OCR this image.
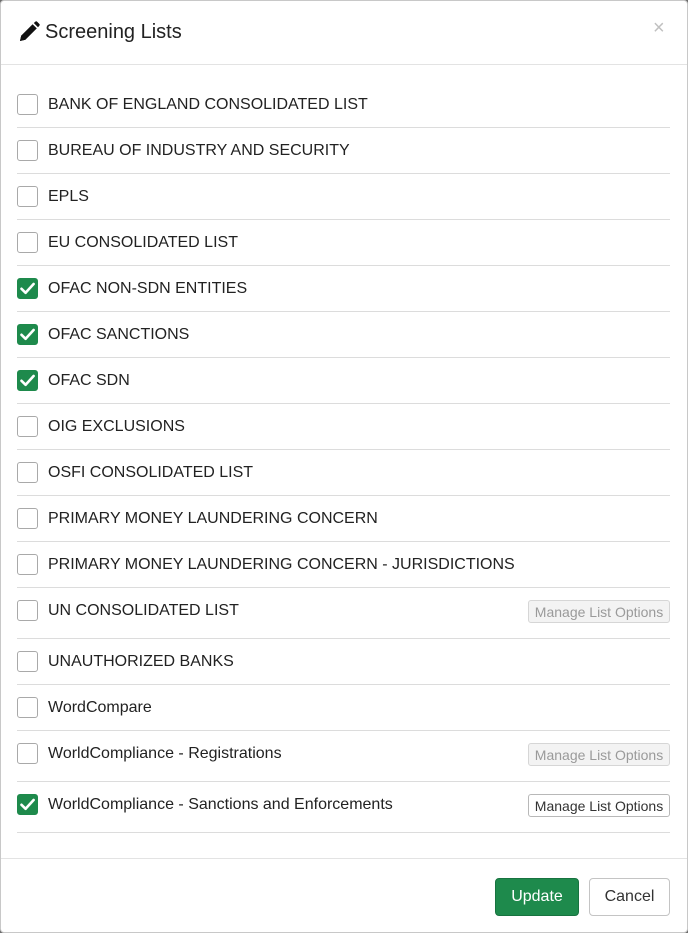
Screening Lists	×
BANK OF ENGLAND CONSOLIDATED LIST
BUREAU OF INDUSTRY AND SECURITY
EPLS
EU CONSOLIDATED LIST
OFAC NON-SDN ENTITIES
OFAC SANCTIONS
OFAC SDN
OIG EXCLUSIONS
OSFI CONSOLIDATED LIST
PRIMARY MONEY LAUNDERING CONCERN
PRIMARY MONEY LAUNDERING CONCERN - JURISDICTIONS
UN CONSOLIDATED LIST	Manage List Options
UNAUTHORIZED BANKS
WordCompare
WorldCompliance - Registrations	Manage List Options
WorldCompliance - Sanctions and Enforcements	Manage List Options
Update	Cancel
